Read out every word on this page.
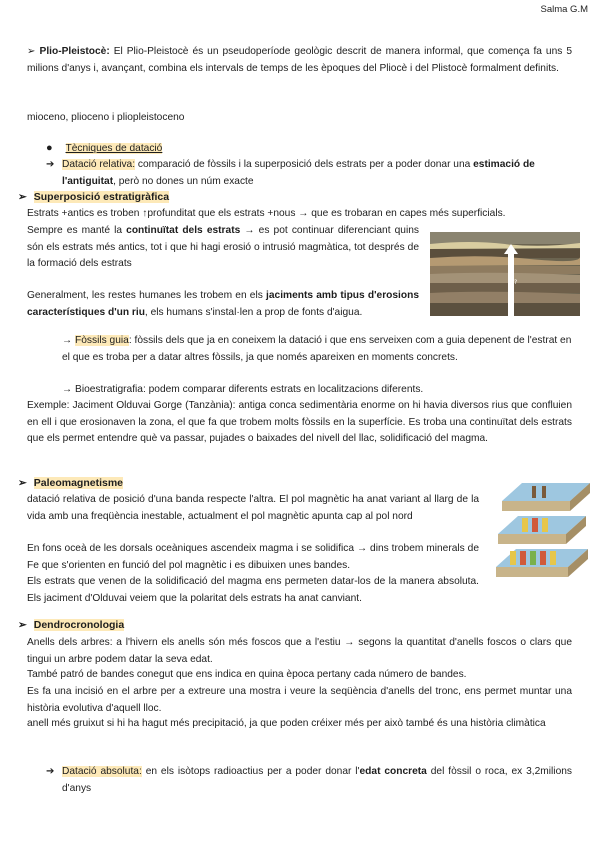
Salma G.M
➢ Plio-Pleistocè: El Plio-Pleistocè és un pseudoperíode geològic descrit de manera informal, que comença fa uns 5 milions d'anys i, avançant, combina els intervals de temps de les èpoques del Pliocè i del Plistocè formalment definits.
mioceno, plioceno i pliopleistoceno
● Tècniques de datació
➔ Datació relativa: comparació de fòssils i la superposició dels estrats per a poder donar una estimació de l'antiguitat, però no dones un núm exacte
➢ Superposició estratigràfica
Estrats +antics es troben ↑profunditat que els estrats +nous → que es trobaran en capes més superficials.
Sempre es manté la continuïtat dels estrats → es pot continuar diferenciant quins són els estrats més antics, tot i que hi hagi erosió o intrusió magmàtica, tot després de la formació dels estrats
?
Generalment, les restes humanes les trobem en els jaciments amb tipus d'erosions característiques d'un riu, els humans s'instal·len a prop de fonts d'aigua.
→ Fòssils guia: fòssils dels que ja en coneixem la datació i que ens serveixen com a guia depenent de l'estrat en el que es troba per a datar altres fòssils, ja que només apareixen en moments concrets.
→ Bioestratigrafia: podem comparar diferents estrats en localitzacions diferents.
Exemple: Jaciment Olduvai Gorge (Tanzània): antiga conca sedimentària enorme on hi havia diversos rius que confluien en ell i que erosionaven la zona, el que fa que trobem molts fòssils en la superfície. Es troba una continuïtat dels estrats que els permet entendre què va passar, pujades o baixades del nivell del llac, solidificació del magma.
➢ Paleomagnetisme
datació relativa de posició d'una banda respecte l'altra. El pol magnètic ha anat variant al llarg de la vida amb una freqüència inestable, actualment el pol magnètic apunta cap al pol nord
En fons oceà de les dorsals oceàniques ascendeix magma i se solidifica → dins trobem minerals de Fe que s'orienten en funció del pol magnètic i es dibuixen unes bandes.
Els estrats que venen de la solidificació del magma ens permeten datar-los de la manera absoluta. Els jaciment d'Olduvai veiem que la polaritat dels estrats ha anat canviant.
➢ Dendrocronologia
Anells dels arbres: a l'hivern els anells són més foscos que a l'estiu → segons la quantitat d'anells foscos o clars que tingui un arbre podem datar la seva edat.
També patró de bandes conegut que ens indica en quina època pertany cada número de bandes.
Es fa una incisió en el arbre per a extreure una mostra i veure la seqüència d'anells del tronc, ens permet muntar una història evolutiva d'aquell lloc.
anell més gruixut si hi ha hagut més precipitació, ja que poden créixer més per això també és una història climàtica
➔ Datació absoluta: en els isòtops radioactius per a poder donar l'edat concreta del fòssil o roca, ex 3,2milions d'anys
